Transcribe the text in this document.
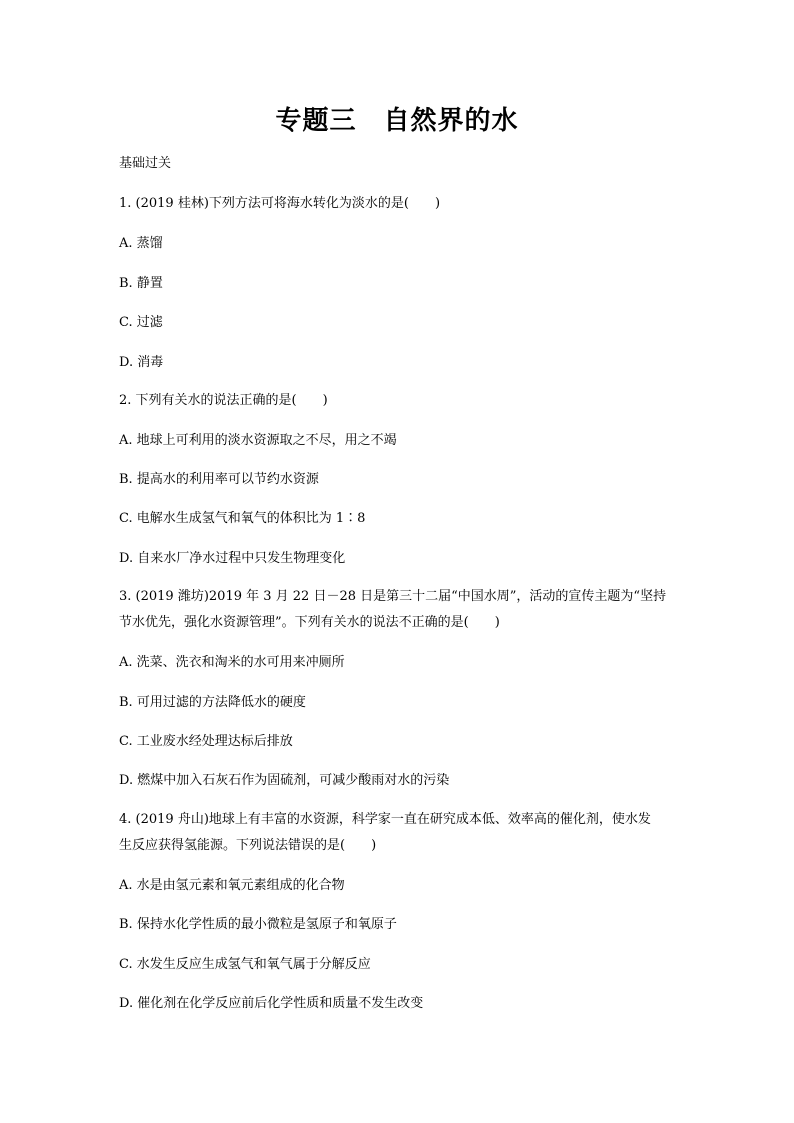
专题三　自然界的水
基础过关
1. (2019 桂林)下列方法可将海水转化为淡水的是(　　)
A. 蒸馏
B. 静置
C. 过滤
D. 消毒
2. 下列有关水的说法正确的是(　　)
A. 地球上可利用的淡水资源取之不尽，用之不竭
B. 提高水的利用率可以节约水资源
C. 电解水生成氢气和氧气的体积比为 1∶8
D. 自来水厂净水过程中只发生物理变化
3. (2019 潍坊)2019 年 3 月 22 日－28 日是第三十二届“中国水周”，活动的宣传主题为“坚持
节水优先，强化水资源管理”。下列有关水的说法不正确的是(　　)
A. 洗菜、洗衣和淘米的水可用来冲厕所
B. 可用过滤的方法降低水的硬度
C. 工业废水经处理达标后排放
D. 燃煤中加入石灰石作为固硫剂，可减少酸雨对水的污染
4. (2019 舟山)地球上有丰富的水资源，科学家一直在研究成本低、效率高的催化剂，使水发
生反应获得氢能源。下列说法错误的是(　　)
A. 水是由氢元素和氧元素组成的化合物
B. 保持水化学性质的最小微粒是氢原子和氧原子
C. 水发生反应生成氢气和氧气属于分解反应
D. 催化剂在化学反应前后化学性质和质量不发生改变
